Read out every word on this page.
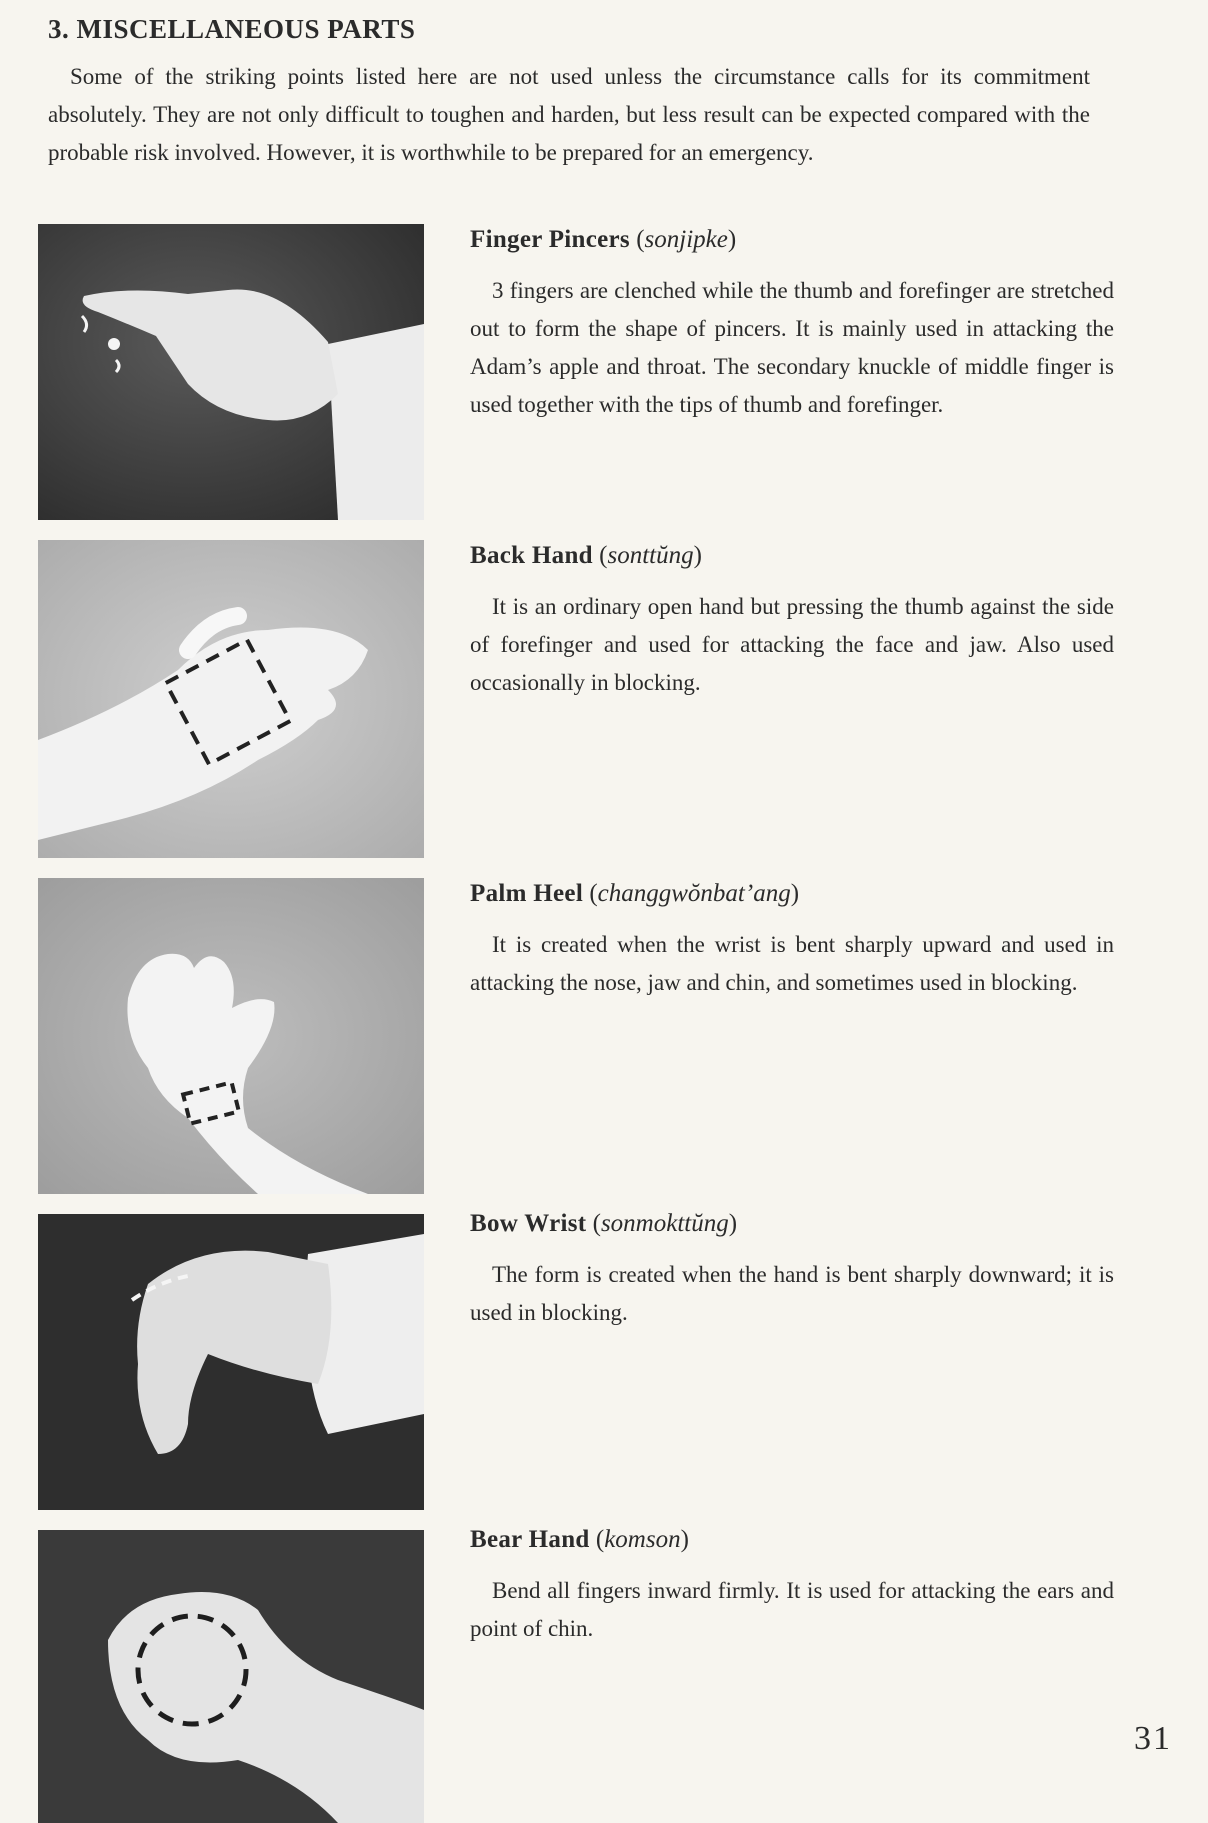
3. MISCELLANEOUS PARTS

Some of the striking points listed here are not used unless the circumstance calls for its commitment absolutely. They are not only difficult to toughen and harden, but less result can be expected compared with the probable risk involved. However, it is worthwhile to be prepared for an emergency.

Finger Pincers (sonjipke)

3 fingers are clenched while the thumb and forefinger are stretched out to form the shape of pincers. It is mainly used in attacking the Adam’s apple and throat. The secondary knuckle of middle finger is used together with the tips of thumb and forefinger.

Back Hand (sonttŭng)

It is an ordinary open hand but pressing the thumb against the side of forefinger and used for attacking the face and jaw. Also used occasionally in blocking.

Palm Heel (changgwŏnbat’ang)

It is created when the wrist is bent sharply upward and used in attacking the nose, jaw and chin, and sometimes used in blocking.

Bow Wrist (sonmokttŭng)

The form is created when the hand is bent sharply downward; it is used in blocking.

Bear Hand (komson)

Bend all fingers inward firmly. It is used for attacking the ears and point of chin.

31
